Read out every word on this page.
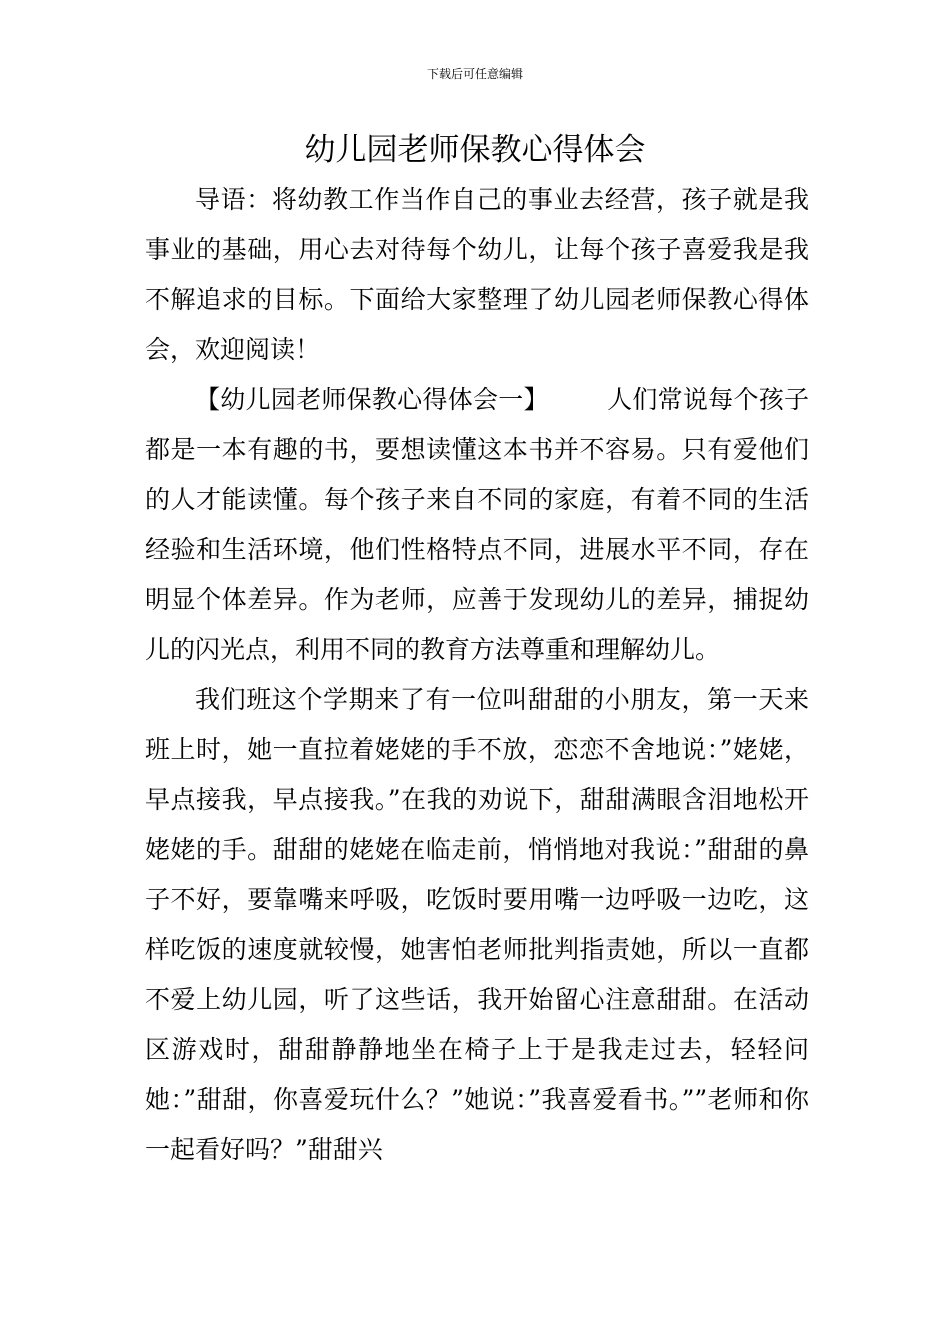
下载后可任意编辑
幼儿园老师保教心得体会

导语：将幼教工作当作自己的事业去经营，孩子就是我事业的基础，用心去对待每个幼儿，让每个孩子喜爱我是我不解追求的目标。下面给大家整理了幼儿园老师保教心得体会，欢迎阅读！

【幼儿园老师保教心得体会一】 人们常说每个孩子都是一本有趣的书，要想读懂这本书并不容易。只有爱他们的人才能读懂。每个孩子来自不同的家庭，有着不同的生活经验和生活环境，他们性格特点不同，进展水平不同，存在明显个体差异。作为老师，应善于发现幼儿的差异，捕捉幼儿的闪光点，利用不同的教育方法尊重和理解幼儿。

我们班这个学期来了有一位叫甜甜的小朋友，第一天来班上时，她一直拉着姥姥的手不放，恋恋不舍地说：”姥姥，早点接我，早点接我。”在我的劝说下，甜甜满眼含泪地松开姥姥的手。甜甜的姥姥在临走前，悄悄地对我说：”甜甜的鼻子不好，要靠嘴来呼吸，吃饭时要用嘴一边呼吸一边吃，这样吃饭的速度就较慢，她害怕老师批判指责她，所以一直都不爱上幼儿园，听了这些话，我开始留心注意甜甜。在活动区游戏时，甜甜静静地坐在椅子上于是我走过去，轻轻问她：”甜甜，你喜爱玩什么？”她说：”我喜爱看书。””老师和你一起看好吗？”甜甜兴
